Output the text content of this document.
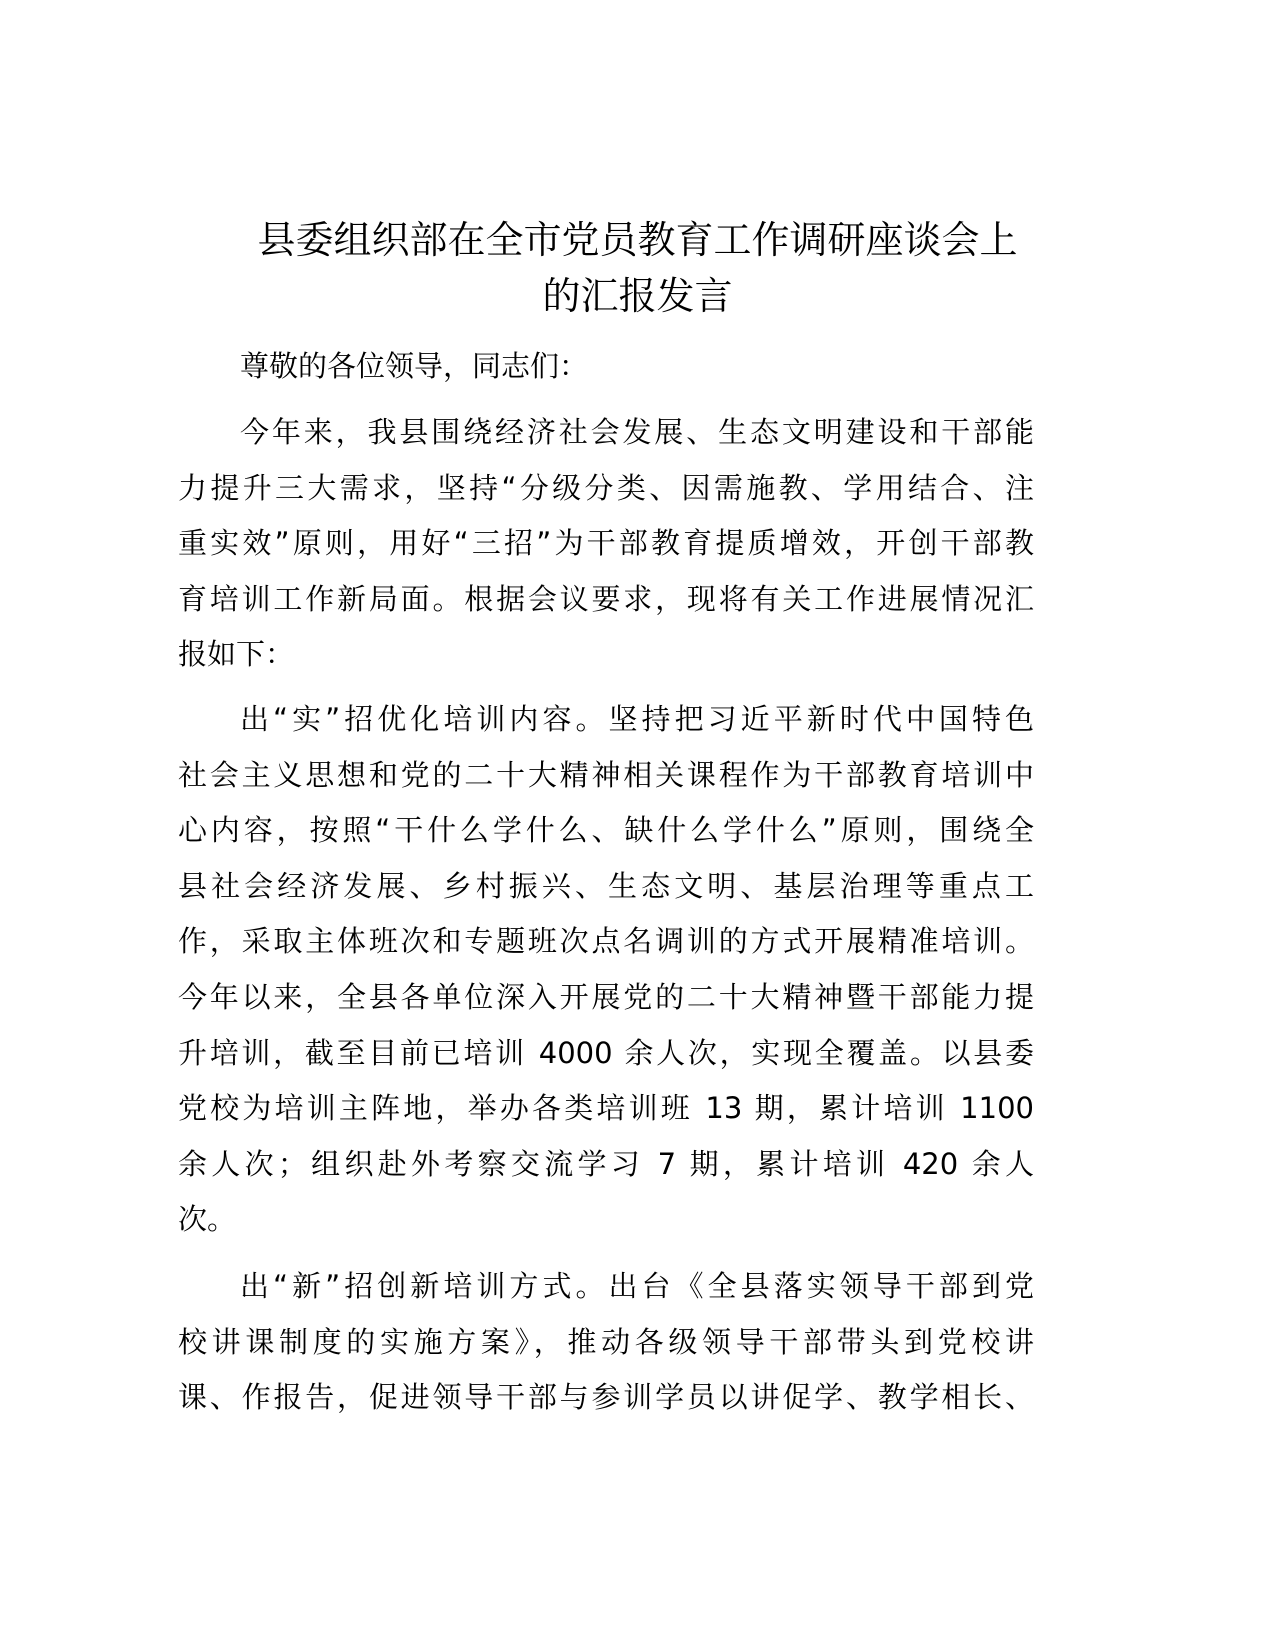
县委组织部在全市党员教育工作调研座谈会上
的汇报发言
尊敬的各位领导，同志们：
今年来，我县围绕经济社会发展、生态文明建设和干部能
力提升三大需求，坚持“分级分类、因需施教、学用结合、注
重实效”原则，用好“三招”为干部教育提质增效，开创干部教
育培训工作新局面。根据会议要求，现将有关工作进展情况汇
报如下：
出“实”招优化培训内容。坚持把习近平新时代中国特色
社会主义思想和党的二十大精神相关课程作为干部教育培训中
心内容，按照“干什么学什么、缺什么学什么”原则，围绕全
县社会经济发展、乡村振兴、生态文明、基层治理等重点工
作，采取主体班次和专题班次点名调训的方式开展精准培训。
今年以来，全县各单位深入开展党的二十大精神暨干部能力提
升培训，截至目前已培训 4000 余人次，实现全覆盖。以县委
党校为培训主阵地，举办各类培训班 13 期，累计培训 1100
余人次；组织赴外考察交流学习 7 期，累计培训 420 余人
次。
出“新”招创新培训方式。出台《全县落实领导干部到党
校讲课制度的实施方案》，推动各级领导干部带头到党校讲
课、作报告，促进领导干部与参训学员以讲促学、教学相长、
